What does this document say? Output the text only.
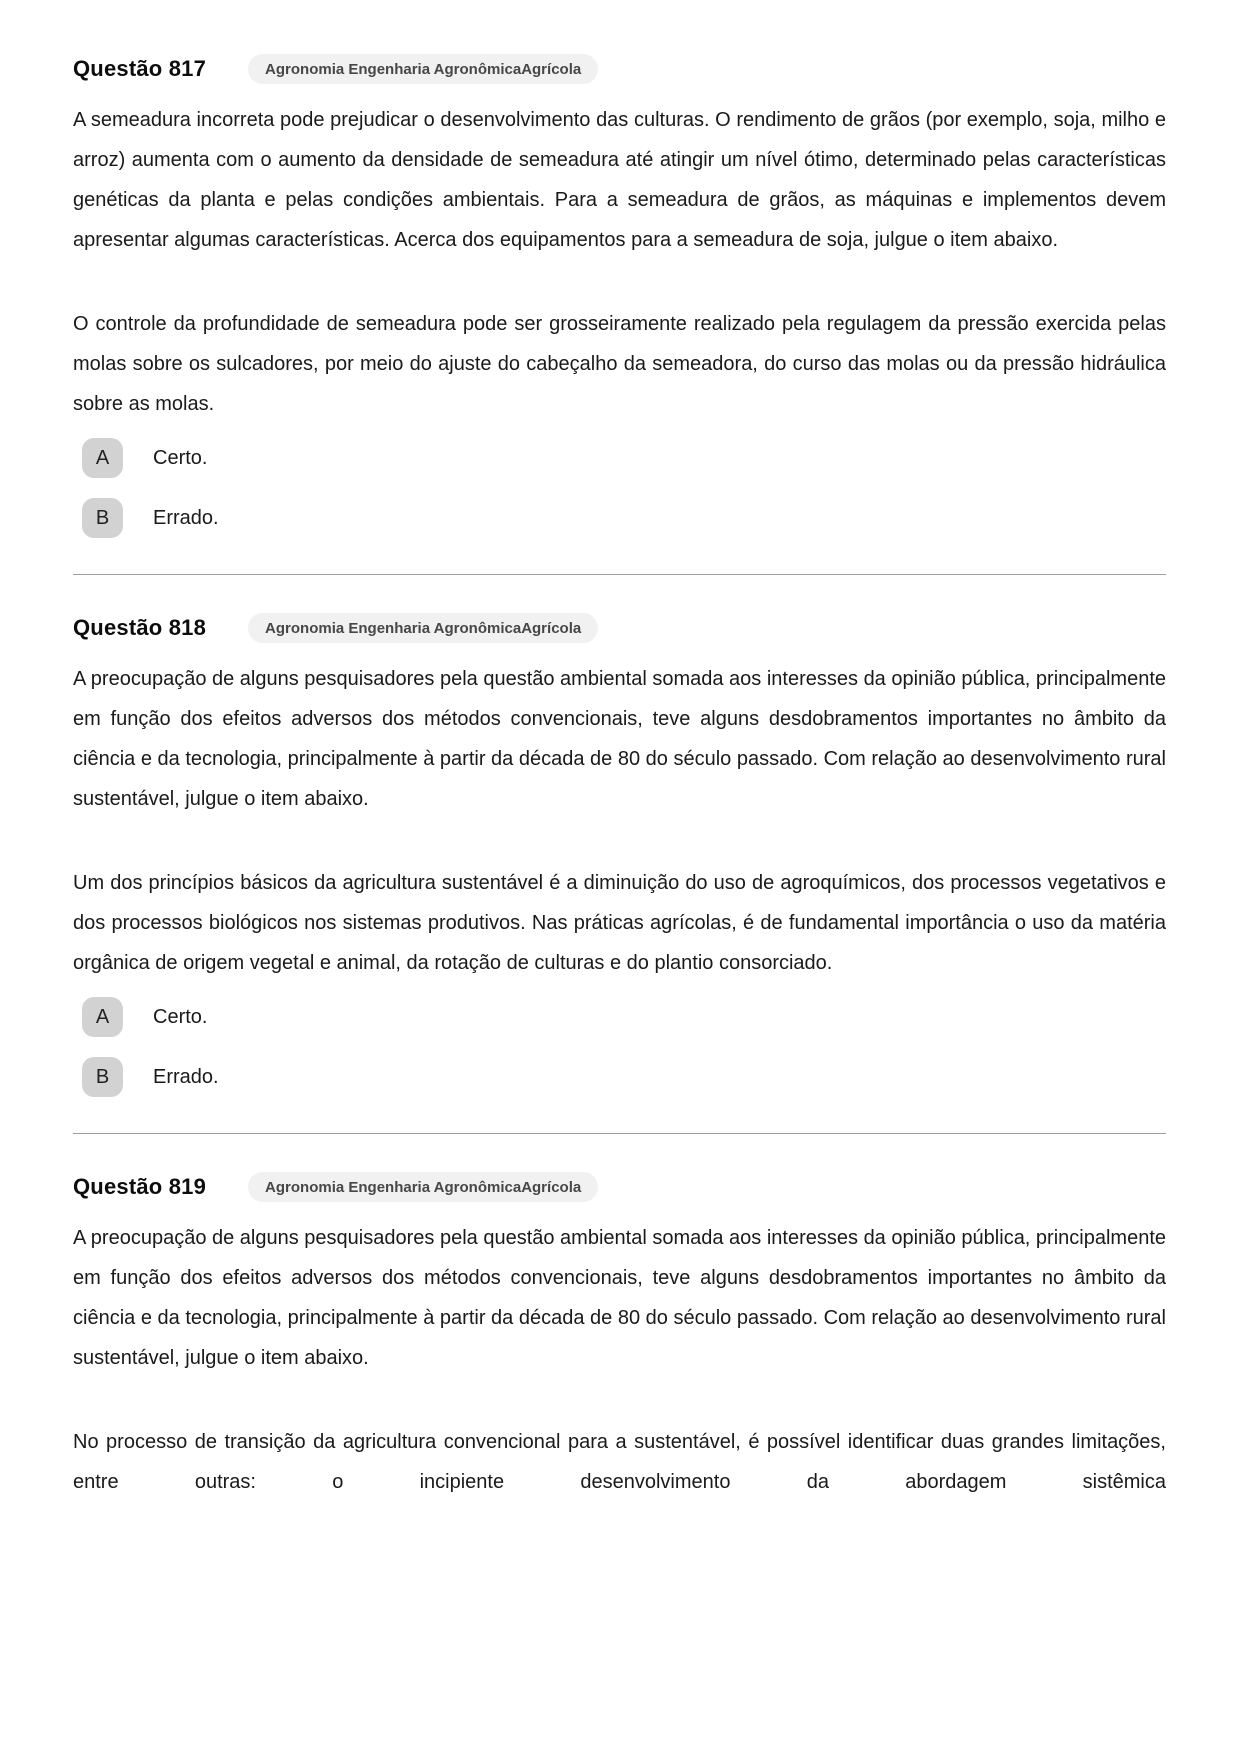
Questão 817	Agronomia Engenharia AgronômicaAgrícola

A semeadura incorreta pode prejudicar o desenvolvimento das culturas. O rendimento de grãos (por exemplo, soja, milho e arroz) aumenta com o aumento da densidade de semeadura até atingir um nível ótimo, determinado pelas características genéticas da planta e pelas condições ambientais. Para a semeadura de grãos, as máquinas e implementos devem apresentar algumas características. Acerca dos equipamentos para a semeadura de soja, julgue o item abaixo.

O controle da profundidade de semeadura pode ser grosseiramente realizado pela regulagem da pressão exercida pelas molas sobre os sulcadores, por meio do ajuste do cabeçalho da semeadora, do curso das molas ou da pressão hidráulica sobre as molas.

A	Certo.
B	Errado.
Questão 818	Agronomia Engenharia AgronômicaAgrícola

A preocupação de alguns pesquisadores pela questão ambiental somada aos interesses da opinião pública, principalmente em função dos efeitos adversos dos métodos convencionais, teve alguns desdobramentos importantes no âmbito da ciência e da tecnologia, principalmente à partir da década de 80 do século passado. Com relação ao desenvolvimento rural sustentável, julgue o item abaixo.

Um dos princípios básicos da agricultura sustentável é a diminuição do uso de agroquímicos, dos processos vegetativos e dos processos biológicos nos sistemas produtivos. Nas práticas agrícolas, é de fundamental importância o uso da matéria orgânica de origem vegetal e animal, da rotação de culturas e do plantio consorciado.

A	Certo.
B	Errado.
Questão 819	Agronomia Engenharia AgronômicaAgrícola

A preocupação de alguns pesquisadores pela questão ambiental somada aos interesses da opinião pública, principalmente em função dos efeitos adversos dos métodos convencionais, teve alguns desdobramentos importantes no âmbito da ciência e da tecnologia, principalmente à partir da década de 80 do século passado. Com relação ao desenvolvimento rural sustentável, julgue o item abaixo.

No processo de transição da agricultura convencional para a sustentável, é possível identificar duas grandes limitações, entre outras: o incipiente desenvolvimento da abordagem sistêmica
